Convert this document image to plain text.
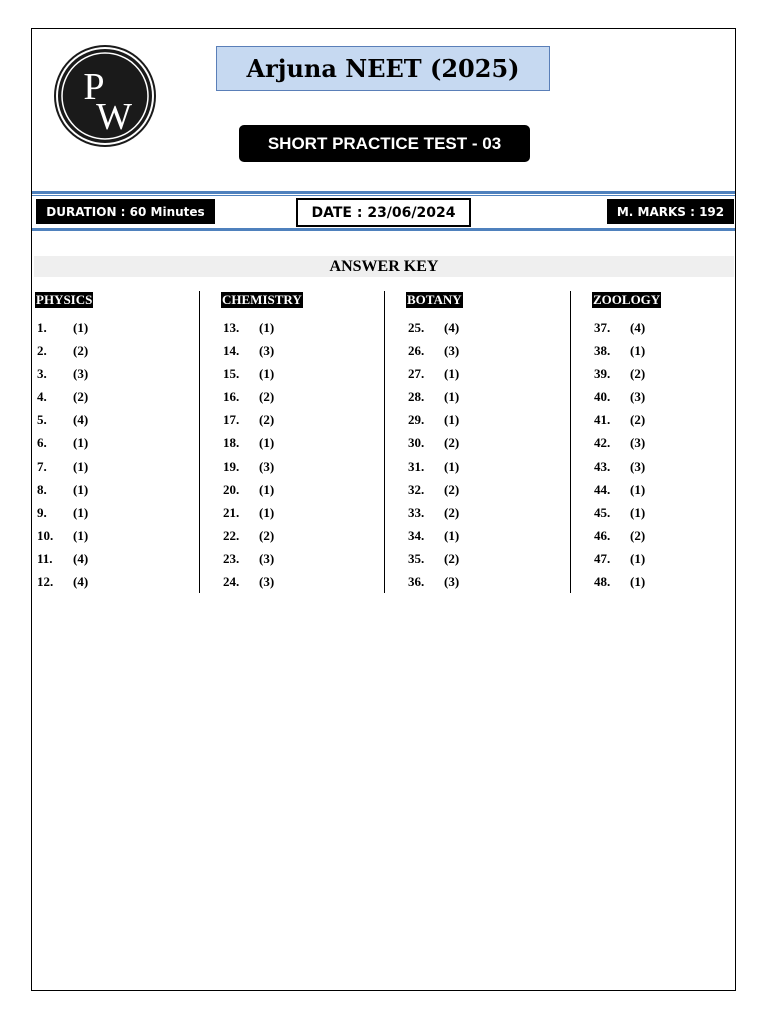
P
W
Arjuna NEET (2025)
SHORT PRACTICE TEST - 03
DURATION : 60 Minutes	DATE : 23/06/2024	M. MARKS : 192
ANSWER KEY
PHYSICS
1. (1)
2. (2)
3. (3)
4. (2)
5. (4)
6. (1)
7. (1)
8. (1)
9. (1)
10. (1)
11. (4)
12. (4)
CHEMISTRY
13. (1)
14. (3)
15. (1)
16. (2)
17. (2)
18. (1)
19. (3)
20. (1)
21. (1)
22. (2)
23. (3)
24. (3)
BOTANY
25. (4)
26. (3)
27. (1)
28. (1)
29. (1)
30. (2)
31. (1)
32. (2)
33. (2)
34. (1)
35. (2)
36. (3)
ZOOLOGY
37. (4)
38. (1)
39. (2)
40. (3)
41. (2)
42. (3)
43. (3)
44. (1)
45. (1)
46. (2)
47. (1)
48. (1)
